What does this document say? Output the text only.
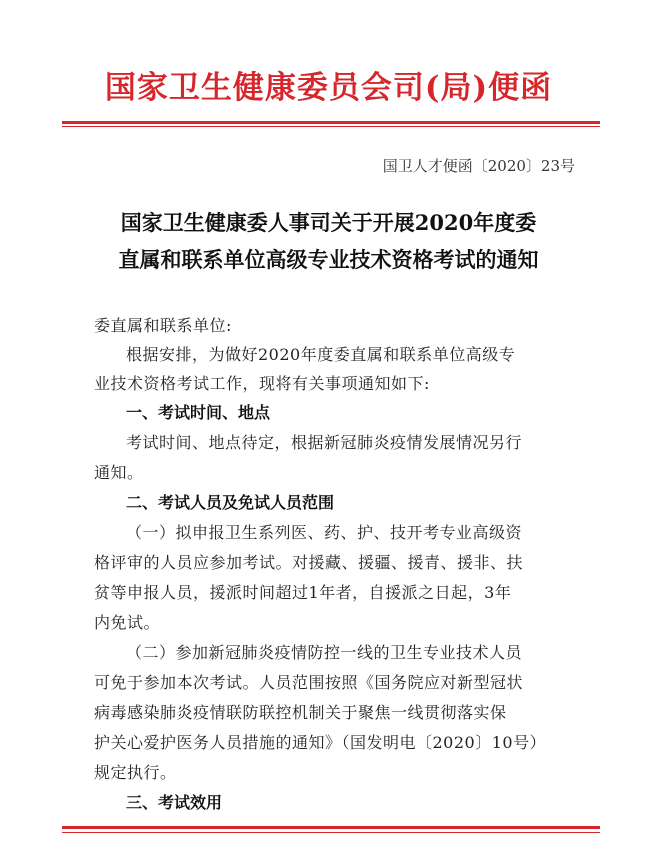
国家卫生健康委员会司(局)便函
国卫人才便函〔2020〕23号
国家卫生健康委人事司关于开展2020年度委
直属和联系单位高级专业技术资格考试的通知
委直属和联系单位:
根据安排，为做好2020年度委直属和联系单位高级专
业技术资格考试工作，现将有关事项通知如下:
一、考试时间、地点
考试时间、地点待定，根据新冠肺炎疫情发展情况另行
通知。
二、考试人员及免试人员范围
（一）拟申报卫生系列医、药、护、技开考专业高级资
格评审的人员应参加考试。对援藏、援疆、援青、援非、扶
贫等申报人员，援派时间超过1年者，自援派之日起，3年
内免试。
（二）参加新冠肺炎疫情防控一线的卫生专业技术人员
可免于参加本次考试。人员范围按照《国务院应对新型冠状
病毒感染肺炎疫情联防联控机制关于聚焦一线贯彻落实保
护关心爱护医务人员措施的通知》（国发明电〔2020〕10号）
规定执行。
三、考试效用
